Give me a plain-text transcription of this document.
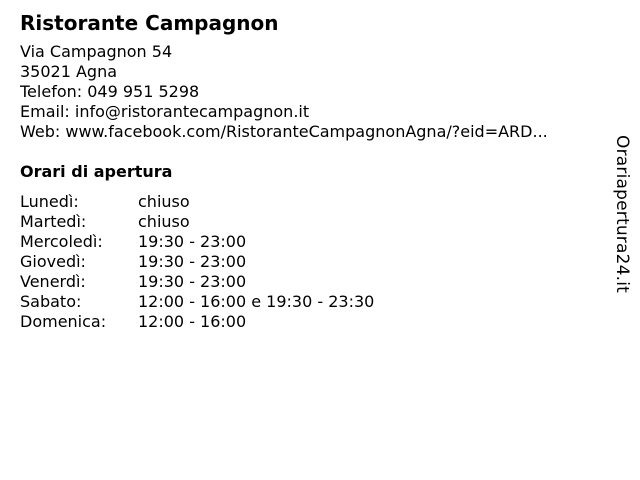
Ristorante Campagnon
Via Campagnon 54
35021 Agna
Telefon: 049 951 5298
Email: info@ristorantecampagnon.it
Web: www.facebook.com/RistoranteCampagnonAgna/?eid=ARD...
Orari di apertura
Lunedì:	chiuso
Martedì:	chiuso
Mercoledì:	19:30 - 23:00
Giovedì:	19:30 - 23:00
Venerdì:	19:30 - 23:00
Sabato:	12:00 - 16:00 e 19:30 - 23:30
Domenica:	12:00 - 16:00
Orariapertura24.it
